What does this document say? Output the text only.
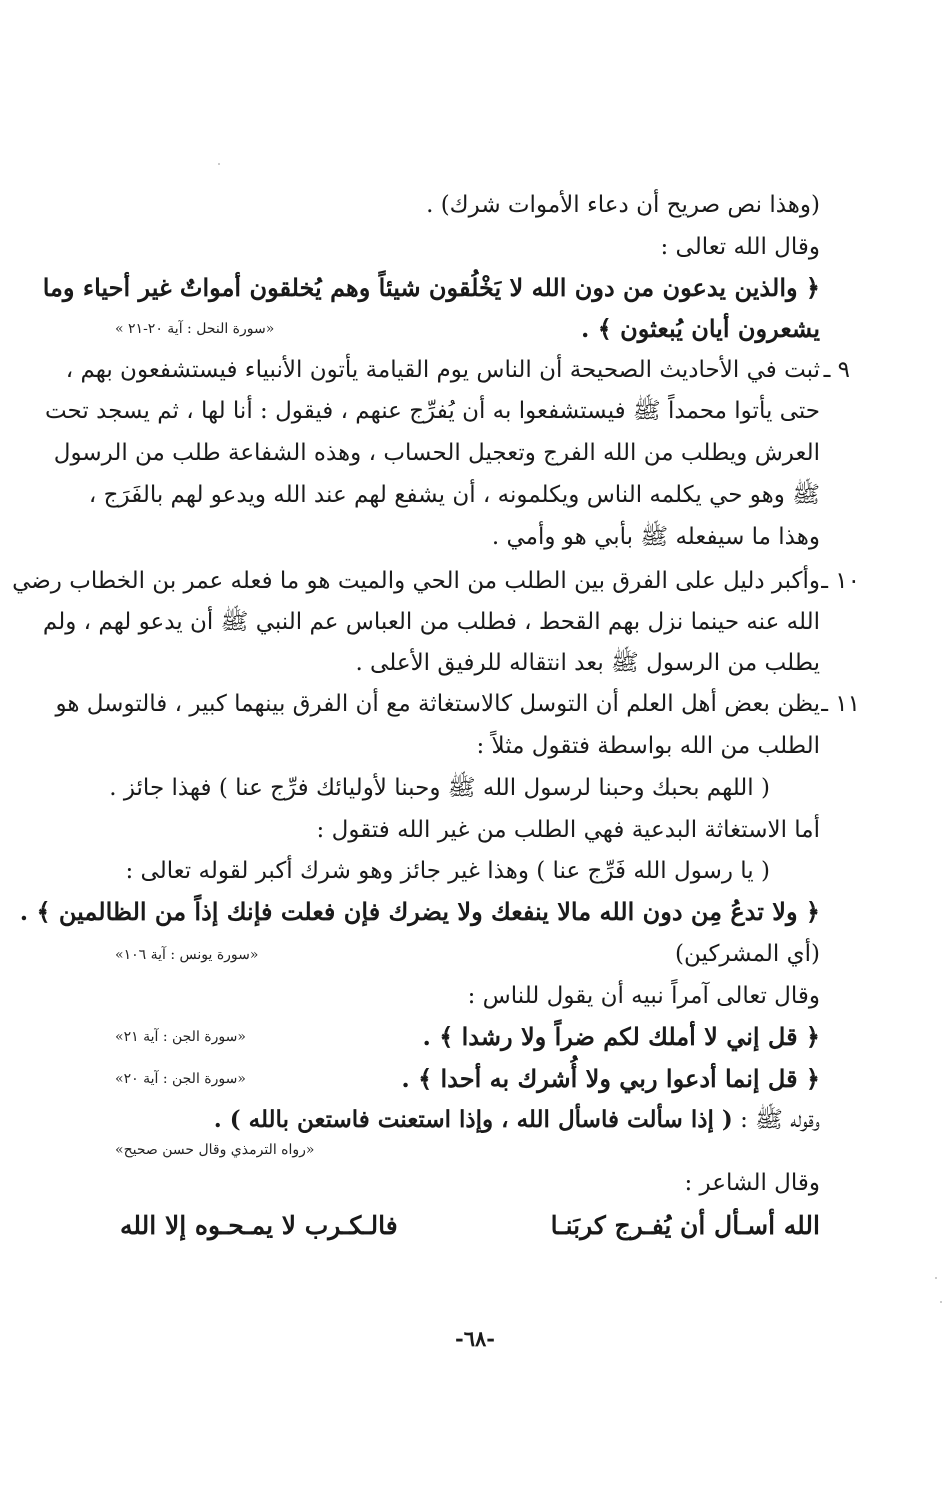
(وهذا نص صريح أن دعاء الأموات شرك) .
وقال الله تعالى :
﴿ والذين يدعون من دون الله لا يَخْلُقون شيئاً وهم يُخلقون أمواتٌ غير أحياء وما
يشعرون أيان يُبعثون ﴾ .
«سورة النحل : آية ٢٠-٢١ »
٩ ـ
ثبت في الأحاديث الصحيحة أن الناس يوم القيامة يأتون الأنبياء فيستشفعون بهم ،
حتى يأتوا محمداً ﷺ فيستشفعوا به أن يُفرِّج عنهم ، فيقول : أنا لها ، ثم يسجد تحت
العرش ويطلب من الله الفرج وتعجيل الحساب ، وهذه الشفاعة طلب من الرسول
ﷺ وهو حي يكلمه الناس ويكلمونه ، أن يشفع لهم عند الله ويدعو لهم بالفَرَج ،
وهذا ما سيفعله ﷺ بأبي هو وأمي .
١٠ ـ
وأكبر دليل على الفرق بين الطلب من الحي والميت هو ما فعله عمر بن الخطاب رضي
الله عنه حينما نزل بهم القحط ، فطلب من العباس عم النبي ﷺ أن يدعو لهم ، ولم
يطلب من الرسول ﷺ بعد انتقاله للرفيق الأعلى .
١١ ـ
يظن بعض أهل العلم أن التوسل كالاستغاثة مع أن الفرق بينهما كبير ، فالتوسل هو
الطلب من الله بواسطة فتقول مثلاً :
( اللهم بحبك وحبنا لرسول الله ﷺ وحبنا لأوليائك فرِّج عنا ) فهذا جائز .
أما الاستغاثة البدعية فهي الطلب من غير الله فتقول :
( يا رسول الله فَرِّج عنا ) وهذا غير جائز وهو شرك أكبر لقوله تعالى :
﴿ ولا تدعُ مِن دون الله مالا ينفعك ولا يضرك فإن فعلت فإنك إذاً من الظالمين ﴾ .
(أي المشركين)
«سورة يونس : آية ١٠٦»
وقال تعالى آمراً نبيه أن يقول للناس :
﴿ قل إني لا أملك لكم ضراً ولا رشدا ﴾ .
«سورة الجن : آية ٢١»
﴿ قل إنما أدعوا ربي ولا أُشرك به أحدا ﴾ .
«سورة الجن : آية ٢٠»
وقوله ﷺ : ( إذا سألت فاسأل الله ، وإذا استعنت فاستعن بالله ) .
«رواه الترمذي وقال حسن صحيح»
وقال الشاعر :
الله أسـأل أن يُفـرج كربَنـا
فالـكـرب لا يمـحـوه إلا الله
-٦٨-
